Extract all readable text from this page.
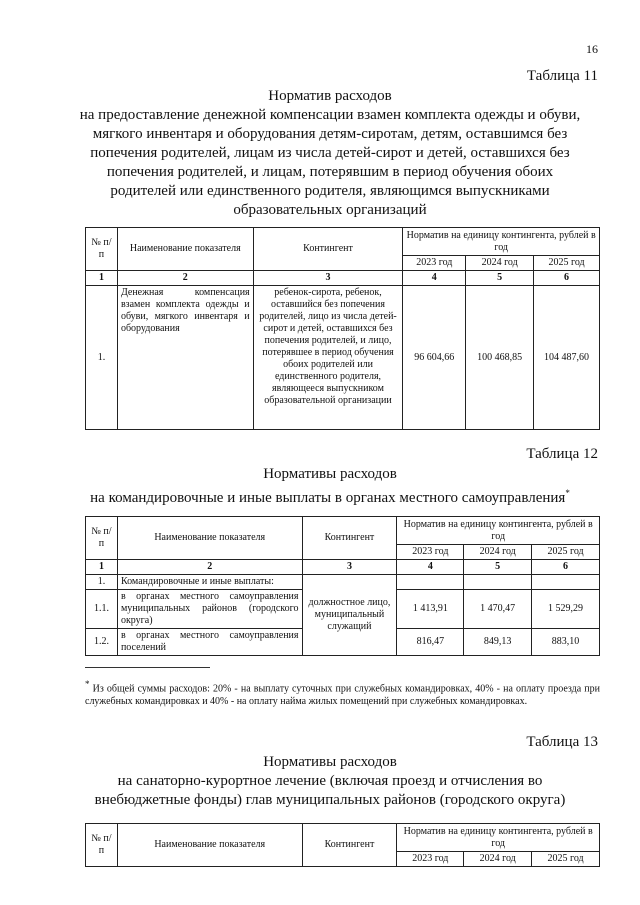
16
Таблица 11
Норматив расходов
на предоставление денежной компенсации взамен комплекта одежды и обуви,
мягкого инвентаря и оборудования детям-сиротам, детям, оставшимся без
попечения родителей, лицам из числа детей-сирот и детей, оставшихся без
попечения родителей, и лицам, потерявшим в период обучения обоих
родителей или единственного родителя, являющимся выпускниками
образовательных организаций
№ п/п	Наименование показателя	Контингент	Норматив на единицу контингента, рублей в год		
			2023 год	2024 год	2025 год
1	2	3	4	5	6
1.	Денежная компенсация взамен комплекта одежды и обуви, мягкого инвентаря и оборудования	ребенок-сирота, ребенок, оставшийся без попечения родителей, лицо из числа детей-сирот и детей, оставшихся без попечения родителей, и лицо, потерявшее в период обучения обоих родителей или единственного родителя, являющееся выпускником образовательной организации	96 604,66	100 468,85	104 487,60
Таблица 12
Нормативы расходов
на командировочные и иные выплаты в органах местного самоуправления*
№ п/п	Наименование показателя	Контингент	Норматив на единицу контингента, рублей в год		
			2023 год	2024 год	2025 год
1	2	3	4	5	6
1.	Командировочные и иные выплаты:	должностное лицо, муниципальный служащий			
1.1.	в органах местного самоуправления муниципальных районов (городского округа)		1 413,91	1 470,47	1 529,29
1.2.	в органах местного самоуправления поселений		816,47	849,13	883,10
* Из общей суммы расходов: 20% - на выплату суточных при служебных командировках, 40% - на оплату проезда при служебных командировках и 40% - на оплату найма жилых помещений при служебных командировках.
Таблица 13
Нормативы расходов
на санаторно-курортное лечение (включая проезд и отчисления во
внебюджетные фонды) глав муниципальных районов (городского округа)
№ п/п	Наименование показателя	Контингент	Норматив на единицу контингента, рублей в год		
			2023 год	2024 год	2025 год
